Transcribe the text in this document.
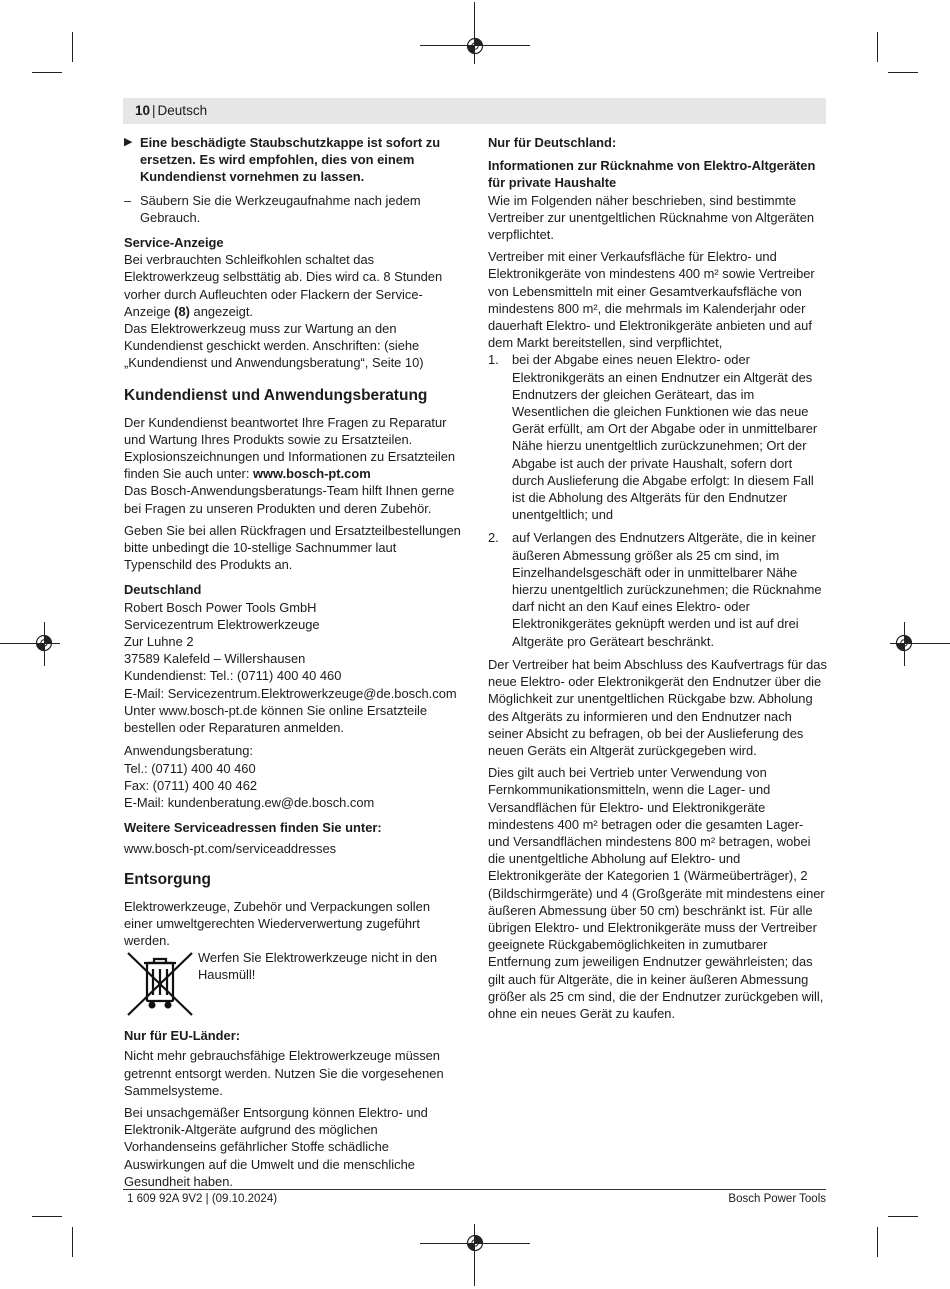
10 | Deutsch
▶ Eine beschädigte Staubschutzkappe ist sofort zu ersetzen. Es wird empfohlen, dies von einem Kundendienst vornehmen zu lassen.
– Säubern Sie die Werkzeugaufnahme nach jedem Gebrauch.

Service-Anzeige

Bei verbrauchten Schleifkohlen schaltet das Elektrowerkzeug selbsttätig ab. Dies wird ca. 8 Stunden vorher durch Aufleuchten oder Flackern der Service-Anzeige (8) angezeigt.

Das Elektrowerkzeug muss zur Wartung an den Kundendienst geschickt werden. Anschriften: (siehe „Kundendienst und Anwendungsberatung“, Seite 10)

Kundendienst und Anwendungsberatung

Der Kundendienst beantwortet Ihre Fragen zu Reparatur und Wartung Ihres Produkts sowie zu Ersatzteilen. Explosionszeichnungen und Informationen zu Ersatzteilen finden Sie auch unter: www.bosch-pt.com

Das Bosch-Anwendungsberatungs-Team hilft Ihnen gerne bei Fragen zu unseren Produkten und deren Zubehör.

Geben Sie bei allen Rückfragen und Ersatzteilbestellungen bitte unbedingt die 10-stellige Sachnummer laut Typenschild des Produkts an.

Deutschland

Robert Bosch Power Tools GmbH
Servicezentrum Elektrowerkzeuge
Zur Luhne 2
37589 Kalefeld – Willershausen
Kundendienst: Tel.: (0711) 400 40 460
E-Mail: Servicezentrum.Elektrowerkzeuge@de.bosch.com
Unter www.bosch-pt.de können Sie online Ersatzteile bestellen oder Reparaturen anmelden.
Anwendungsberatung:
Tel.: (0711) 400 40 460
Fax: (0711) 400 40 462
E-Mail: kundenberatung.ew@de.bosch.com

Weitere Serviceadressen finden Sie unter:

www.bosch-pt.com/serviceaddresses

Entsorgung

Elektrowerkzeuge, Zubehör und Verpackungen sollen einer umweltgerechten Wiederverwertung zugeführt werden.

Werfen Sie Elektrowerkzeuge nicht in den Hausmüll!

Nur für EU-Länder:

Nicht mehr gebrauchsfähige Elektrowerkzeuge müssen getrennt entsorgt werden. Nutzen Sie die vorgesehenen Sammelsysteme.

Bei unsachgemäßer Entsorgung können Elektro- und Elektronik-Altgeräte aufgrund des möglichen Vorhandenseins gefährlicher Stoffe schädliche Auswirkungen auf die Umwelt und die menschliche Gesundheit haben.

Nur für Deutschland:

Informationen zur Rücknahme von Elektro-Altgeräten für private Haushalte

Wie im Folgenden näher beschrieben, sind bestimmte Vertreiber zur unentgeltlichen Rücknahme von Altgeräten verpflichtet.

Vertreiber mit einer Verkaufsfläche für Elektro- und Elektronikgeräte von mindestens 400 m² sowie Vertreiber von Lebensmitteln mit einer Gesamtverkaufsfläche von mindestens 800 m², die mehrmals im Kalenderjahr oder dauerhaft Elektro- und Elektronikgeräte anbieten und auf dem Markt bereitstellen, sind verpflichtet,

1.	bei der Abgabe eines neuen Elektro- oder Elektronikgeräts an einen Endnutzer ein Altgerät des Endnutzers der gleichen Geräteart, das im Wesentlichen die gleichen Funktionen wie das neue Gerät erfüllt, am Ort der Abgabe oder in unmittelbarer Nähe hierzu unentgeltlich zurückzunehmen; Ort der Abgabe ist auch der private Haushalt, sofern dort durch Auslieferung die Abgabe erfolgt: In diesem Fall ist die Abholung des Altgeräts für den Endnutzer unentgeltlich; und
2.	auf Verlangen des Endnutzers Altgeräte, die in keiner äußeren Abmessung größer als 25 cm sind, im Einzelhandelsgeschäft oder in unmittelbarer Nähe hierzu unentgeltlich zurückzunehmen; die Rücknahme darf nicht an den Kauf eines Elektro- oder Elektronikgerätes geknüpft werden und ist auf drei Altgeräte pro Geräteart beschränkt.

Der Vertreiber hat beim Abschluss des Kaufvertrags für das neue Elektro- oder Elektronikgerät den Endnutzer über die Möglichkeit zur unentgeltlichen Rückgabe bzw. Abholung des Altgeräts zu informieren und den Endnutzer nach seiner Absicht zu befragen, ob bei der Auslieferung des neuen Geräts ein Altgerät zurückgegeben wird.

Dies gilt auch bei Vertrieb unter Verwendung von Fernkommunikationsmitteln, wenn die Lager- und Versandflächen für Elektro- und Elektronikgeräte mindestens 400 m² betragen oder die gesamten Lager- und Versandflächen mindestens 800 m² betragen, wobei die unentgeltliche Abholung auf Elektro- und Elektronikgeräte der Kategorien 1 (Wärmeüberträger), 2 (Bildschirmgeräte) und 4 (Großgeräte mit mindestens einer äußeren Abmessung über 50 cm) beschränkt ist. Für alle übrigen Elektro- und Elektronikgeräte muss der Vertreiber geeignete Rückgabemöglichkeiten in zumutbarer Entfernung zum jeweiligen Endnutzer gewährleisten; das gilt auch für Altgeräte, die in keiner äußeren Abmessung größer als 25 cm sind, die der Endnutzer zurückgeben will, ohne ein neues Gerät zu kaufen.

1 609 92A 9V2 | (09.10.2024)	Bosch Power Tools
